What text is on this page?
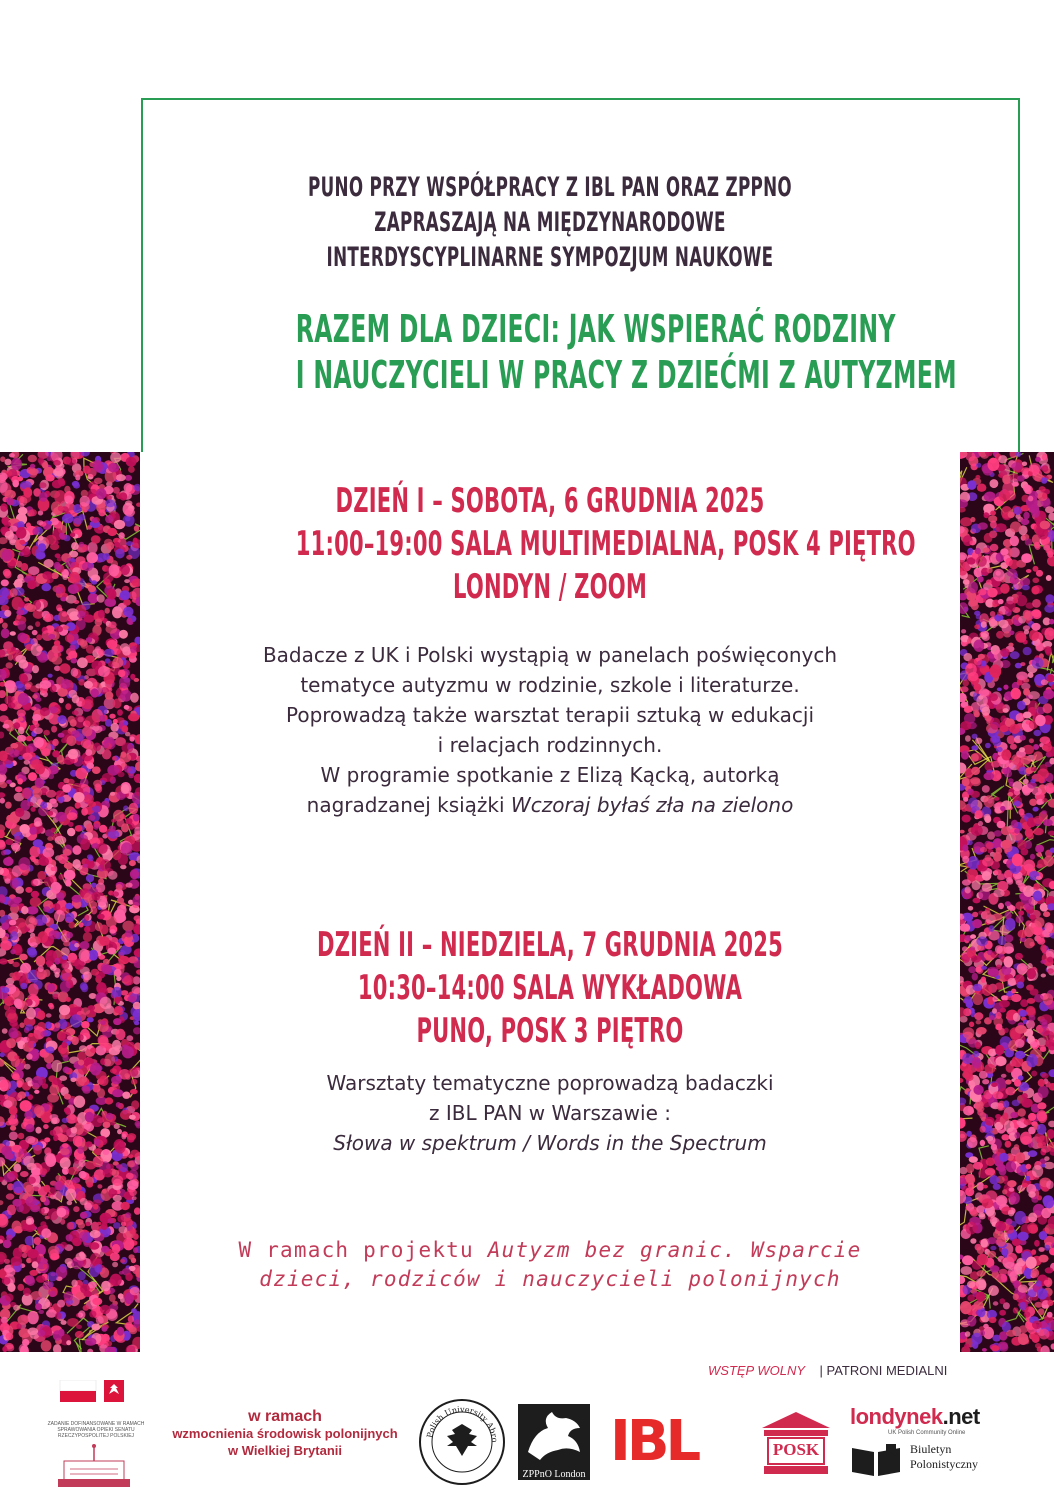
PUNO PRZY WSPÓŁPRACY Z IBL PAN ORAZ ZPPNO
ZAPRASZAJĄ NA MIĘDZYNARODOWE
INTERDYSCYPLINARNE SYMPOZJUM NAUKOWE
RAZEM DLA DZIECI: JAK WSPIERAĆ RODZINY
I NAUCZYCIELI W PRACY Z DZIEĆMI Z AUTYZMEM
DZIEŃ I – SOBOTA, 6 GRUDNIA 2025
11:00–19:00 SALA MULTIMEDIALNA, POSK 4 PIĘTRO
LONDYN / ZOOM
Badacze z UK i Polski wystąpią w panelach poświęconych
tematyce autyzmu w rodzinie, szkole i literaturze.
Poprowadzą także warsztat terapii sztuką w edukacji
i relacjach rodzinnych.
W programie spotkanie z Elizą Kącką, autorką
nagradzanej książki Wczoraj byłaś zła na zielono
DZIEŃ II – NIEDZIELA, 7 GRUDNIA 2025
10:30–14:00 SALA WYKŁADOWA
PUNO, POSK 3 PIĘTRO
Warsztaty tematyczne poprowadzą badaczki
z IBL PAN w Warszawie :
Słowa w spektrum / Words in the Spectrum
W ramach projektu Autyzm bez granic. Wsparcie
dzieci, rodziców i nauczycieli polonijnych
WSTĘP WOLNY | PATRONI MEDIALNI
ZADANIE DOFINANSOWANE W RAMACH SPRAWOWANIA OPIEKI SENATU RZECZYPOSPOLITEJ POLSKIEJ
w ramach
wzmocnienia środowisk polonijnych
w Wielkiej Brytanii
Polish University Abro
ZPPnO London
IBL	POSK
londynek.net
UK Polish Community Online
Biuletyn
Polonistyczny
